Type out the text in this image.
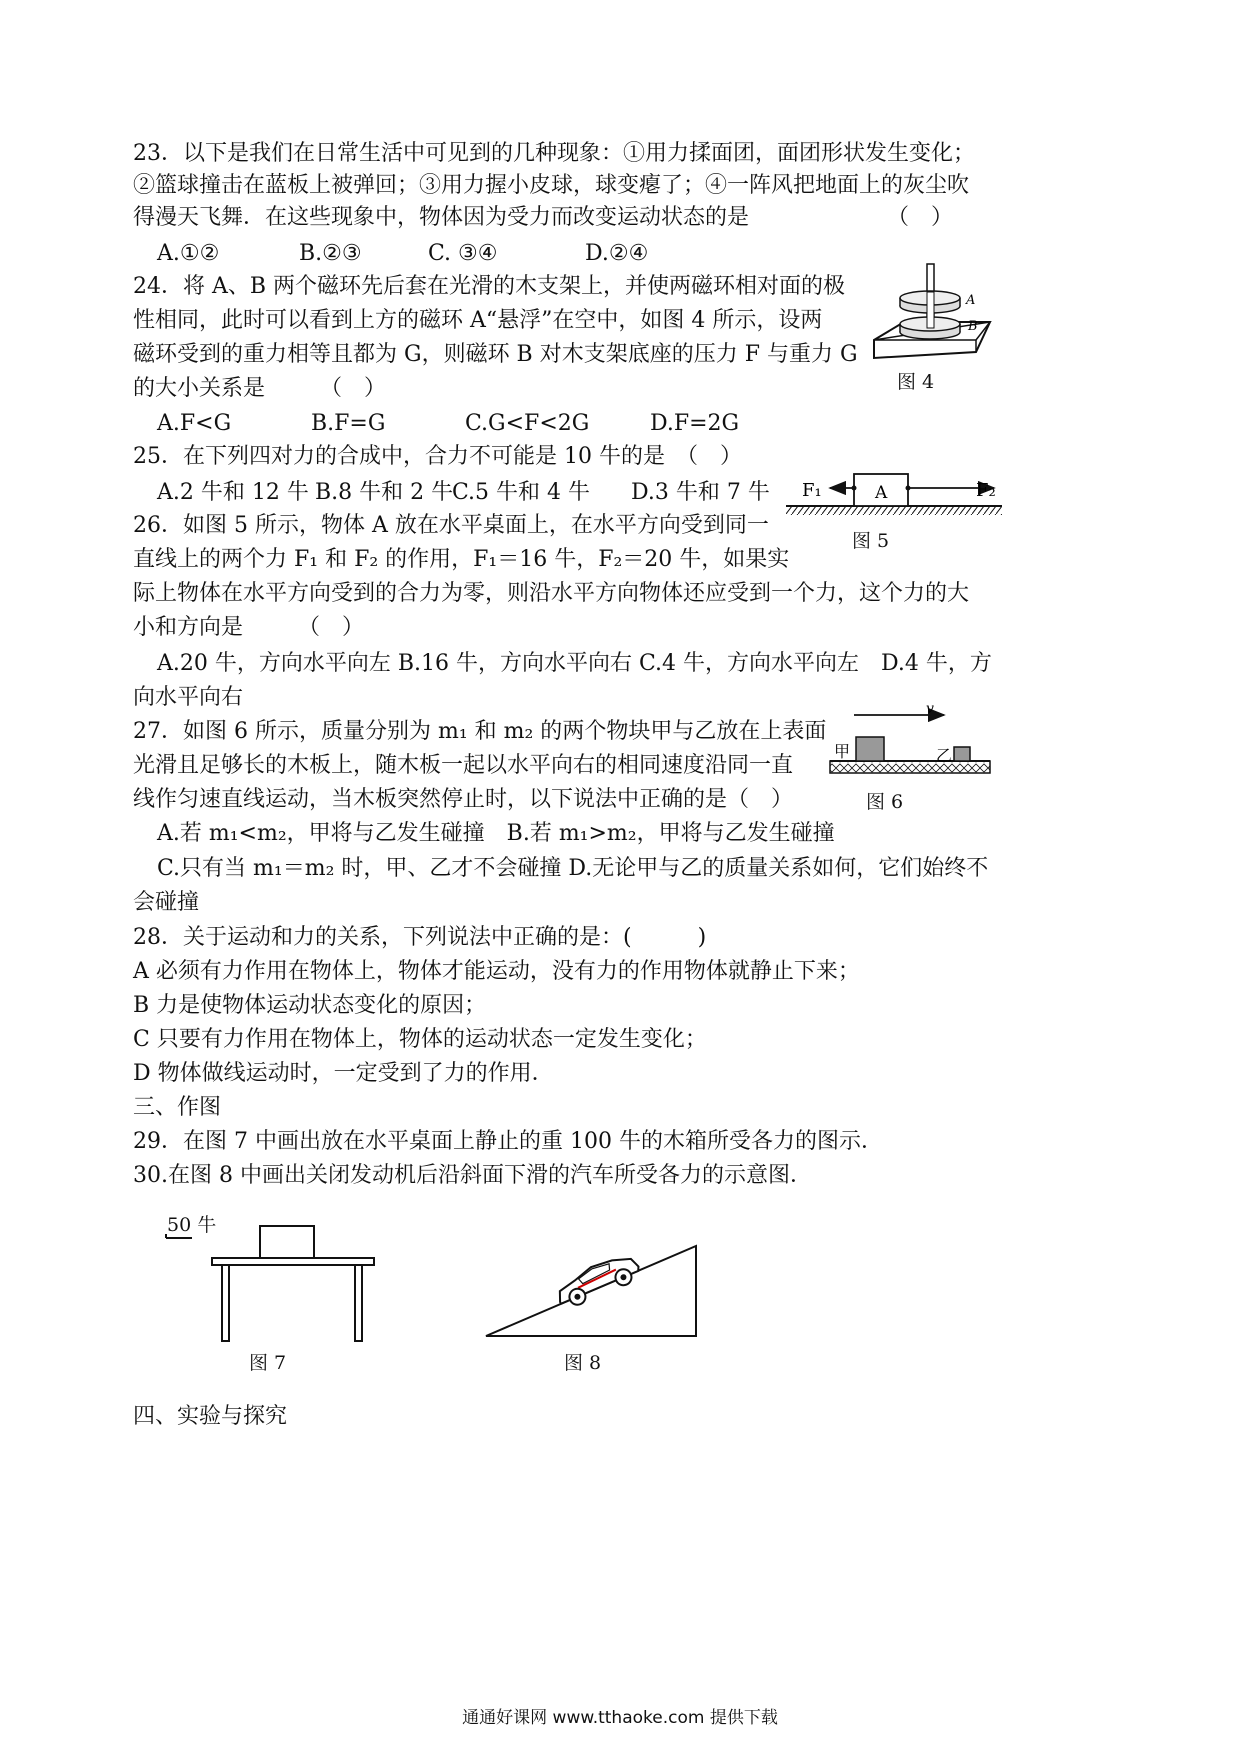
23．以下是我们在日常生活中可见到的几种现象：①用力揉面团，面团形状发生变化；
②篮球撞击在蓝板上被弹回；③用力握小皮球，球变瘪了；④一阵风把地面上的灰尘吹
得漫天飞舞．在这些现象中，物体因为受力而改变运动状态的是	（　）
A.①②	B.②③	C. ③④	D.②④
24．将 A、B 两个磁环先后套在光滑的木支架上，并使两磁环相对面的极
性相同，此时可以看到上方的磁环 A“悬浮”在空中，如图 4 所示，设两
磁环受到的重力相等且都为 G，则磁环 B 对木支架底座的压力 F 与重力 G
的大小关系是　　　（　）
A.F<G	B.F=G	C.G<F<2G	D.F=2G
A
B
图 4
25．在下列四对力的合成中，合力不可能是 10 牛的是　（　）
A.2 牛和 12 牛 B.8 牛和 2 牛
C.5 牛和 4 牛 D.3 牛和 7 牛 F₁	A	F₂
图 5
26．如图 5 所示，物体 A 放在水平桌面上，在水平方向受到同一
直线上的两个力 F₁ 和 F₂ 的作用，F₁＝16 牛，F₂＝20 牛，如果实
际上物体在水平方向受到的合力为零，则沿水平方向物体还应受到一个力，这个力的大
小和方向是　　　（　）
A.20 牛，方向水平向左 B.16 牛，方向水平向右 C.4 牛，方向水平向左　D.4 牛，方
向水平向右
27．如图 6 所示，质量分别为 m₁ 和 m₂ 的两个物块甲与乙放在上表面
光滑且足够长的木板上，随木板一起以水平向右的相同速度沿同一直
线作匀速直线运动，当木板突然停止时，以下说法中正确的是（　）
A.若 m₁<m₂，甲将与乙发生碰撞　B.若 m₁>m₂，甲将与乙发生碰撞
C.只有当 m₁＝m₂ 时，甲、乙才不会碰撞 D.无论甲与乙的质量关系如何，它们始终不
会碰撞
v
甲	乙
图 6
28．关于运动和力的关系，下列说法中正确的是：(　　　)
A 必须有力作用在物体上，物体才能运动，没有力的作用物体就静止下来；
B 力是使物体运动状态变化的原因；
C 只要有力作用在物体上，物体的运动状态一定发生变化；
D 物体做线运动时，一定受到了力的作用．
三、作图
29．在图 7 中画出放在水平桌面上静止的重 100 牛的木箱所受各力的图示．
30.在图 8 中画出关闭发动机后沿斜面下滑的汽车所受各力的示意图．
50 牛
图 7	图 8
四、实验与探究
通通好课网 www.tthaoke.com 提供下载
